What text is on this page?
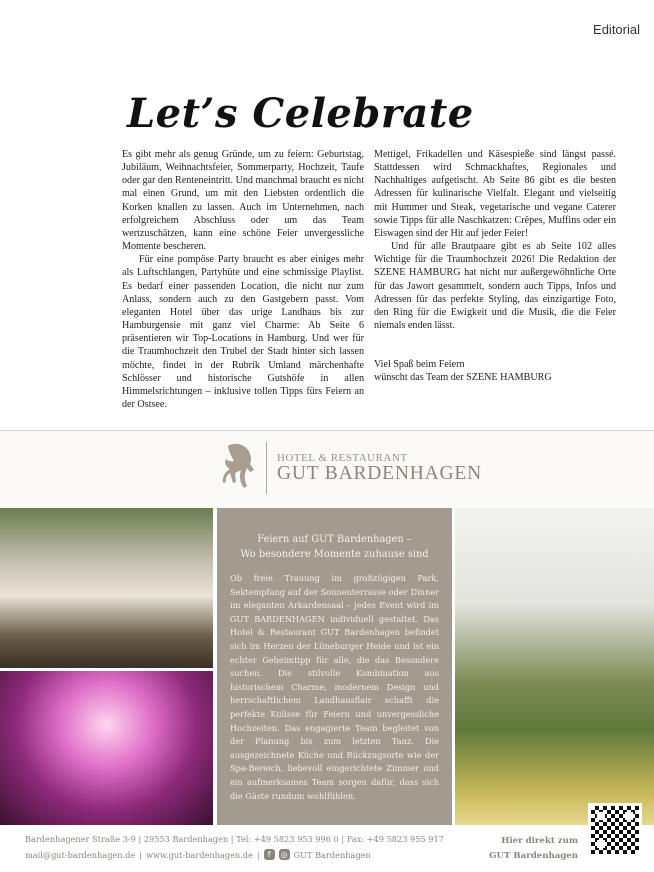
Editorial
Let’s Celebrate

Es gibt mehr als genug Gründe, um zu feiern: Geburtstag, Jubiläum, Weihnachtsfeier, Sommerparty, Hochzeit, Taufe oder gar den Renteneintritt. Und manchmal braucht es nicht mal einen Grund, um mit den Liebsten ordentlich die Korken knallen zu lassen. Auch im Unternehmen, nach erfolgreichem Abschluss oder um das Team wertzuschätzen, kann eine schöne Feier unvergessliche Momente bescheren.

Für eine pompöse Party braucht es aber einiges mehr als Luftschlangen, Partyhüte und eine schmissige Playlist. Es bedarf einer passenden Location, die nicht nur zum Anlass, sondern auch zu den Gastgebern passt. Vom eleganten Hotel über das urige Landhaus bis zur Hamburgensie mit ganz viel Charme: Ab Seite 6 präsentieren wir Top-Locations in Hamburg. Und wer für die Traumhochzeit den Trubel der Stadt hinter sich lassen möchte, findet in der Rubrik Umland märchenhafte Schlösser und historische Gutshöfe in allen Himmelsrichtungen – inklusive tollen Tipps fürs Feiern an der Ostsee.

Mettigel, Frikadellen und Käsespieße sind längst passé. Stattdessen wird Schmackhaftes, Regionales und Nachhaltiges aufgetischt. Ab Seite 86 gibt es die besten Adressen für kulinarische Vielfalt. Elegant und vielseitig mit Hummer und Steak, vegetarische und vegane Caterer sowie Tipps für alle Naschkatzen: Crêpes, Muffins oder ein Eiswagen sind der Hit auf jeder Feier!

Und für alle Brautpaare gibt es ab Seite 102 alles Wichtige für die Traumhochzeit 2026! Die Redaktion der SZENE HAMBURG hat nicht nur außergewöhnliche Orte für das Jawort gesammelt, sondern auch Tipps, Infos und Adressen für das perfekte Styling, das einzigartige Foto, den Ring für die Ewigkeit und die Musik, die die Feier niemals enden lässt.

Viel Spaß beim Feiern
wünscht das Team der SZENE HAMBURG

HOTEL & RESTAURANT
GUT BARDENHAGEN
Feiern auf GUT Bardenhagen –
Wo besondere Momente zuhause sind

Ob freie Trauung im großzügigen Park, Sektempfang auf der Sonnenterrasse oder Dinner im eleganten Arkardensaal – jedes Event wird im GUT BARDENHAGEN individuell gestaltet. Das Hotel & Restaurant GUT Bardenhagen befindet sich im Herzen der Lüneburger Heide und ist ein echter Geheimtipp für alle, die das Besondere suchen. Die stilvolle Kombination aus historischem Charme, modernem Design und herrschaftlichem Landhausflair schafft die perfekte Kulisse für Feiern und unvergessliche Hochzeiten. Das engagierte Team begleitet von der Planung bis zum letzten Tanz. Die ausgezeichnete Küche und Rückzugsorte wie der Spa-Bereich, liebevoll eingerichtete Zimmer und ein aufmerksames Team sorgen dafür, dass sich die Gäste rundum wohlfühlen.

Bardenhagener Straße 3-9 | 29553 Bardenhagen | Tel: +49 5823 953 996 0 | Fax: +49 5823 955 917
mail@gut-bardenhagen.de | www.gut-bardenhagen.de |	f	◎ GUT Bardenhagen
Hier direkt zum
GUT Bardenhagen
